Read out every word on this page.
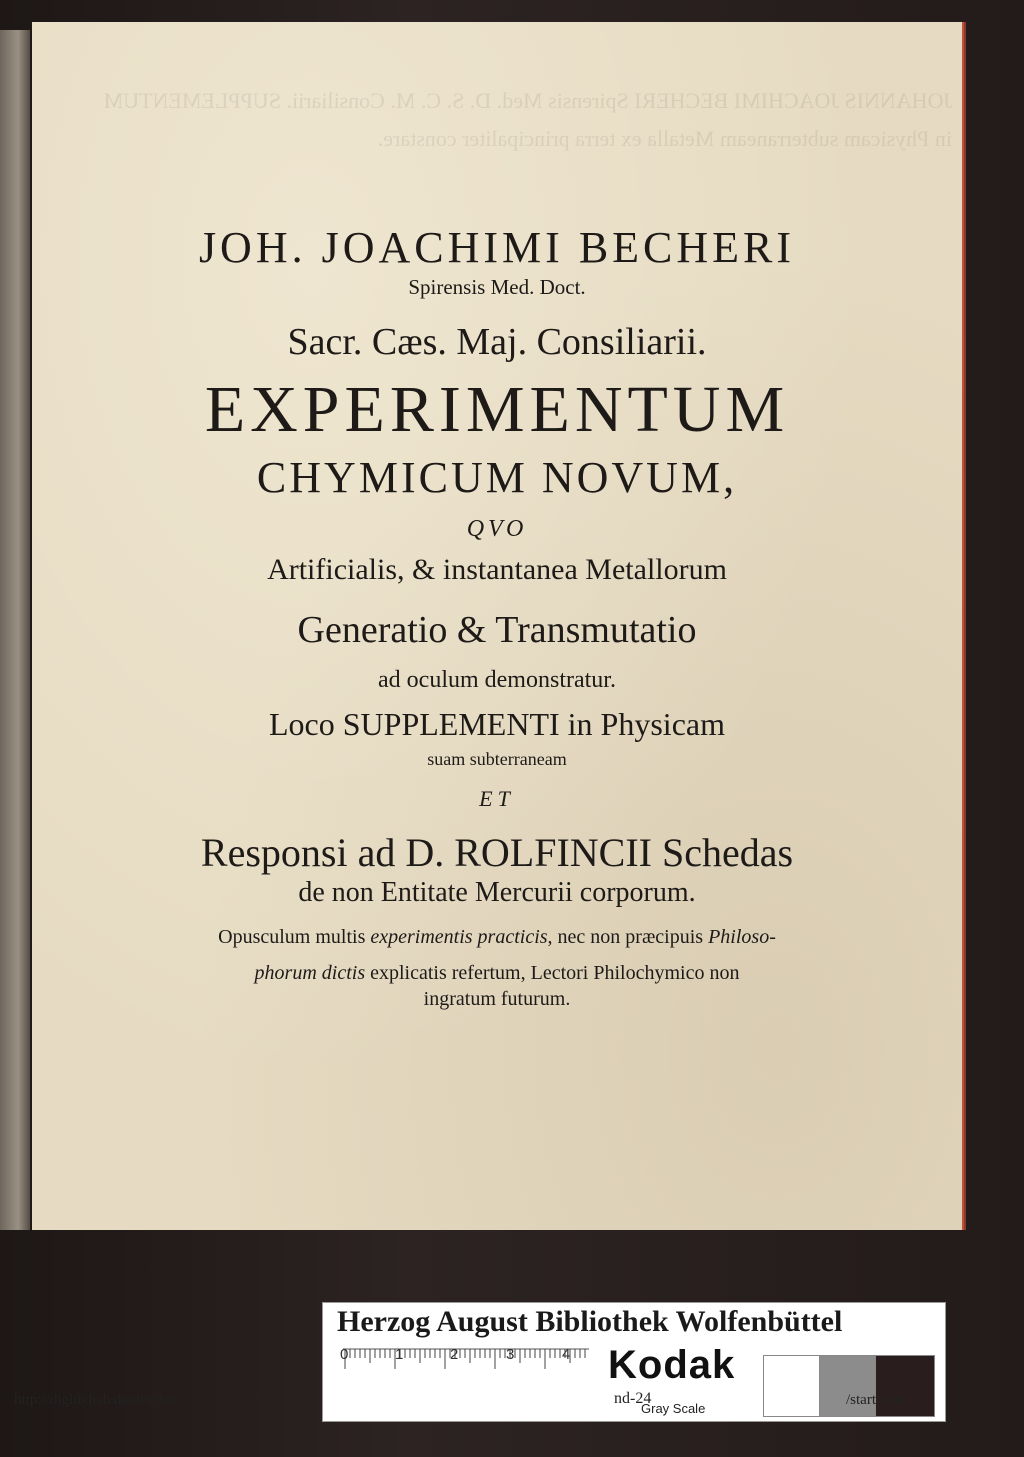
JOHANNIS JOACHIMI BECHERI Spirensis Med. D. S. C. M. Consiliarii. SUPPLEMENTUM in Physicam subterraneam Metalla ex terra principaliter constare.
JOH. JOACHIMI BECHERI
Spirensis Med. Doct.
Sacr. Cæs. Maj. Consiliarii.
EXPERIMENTUM
CHYMICUM NOVUM,
QVO
Artificialis, & instantanea Metallorum
Generatio & Transmutatio
ad oculum demonstratur.
Loco SUPPLEMENTI in Physicam
suam subterraneam
ET
Responsi ad D. ROLFINCII Schedas
de non Entitate Mercurii corporum.
Opusculum multis experimentis practicis, nec non præcipuis Philoso-
phorum dictis explicatis refertum, Lectori Philochymico non
ingratum futurum.
Herzog August Bibliothek Wolfenbüttel
Kodak
Gray Scale
0	1	2	3	4
http://diglib.hab.de/drucke/	nd-24	/start.htm
